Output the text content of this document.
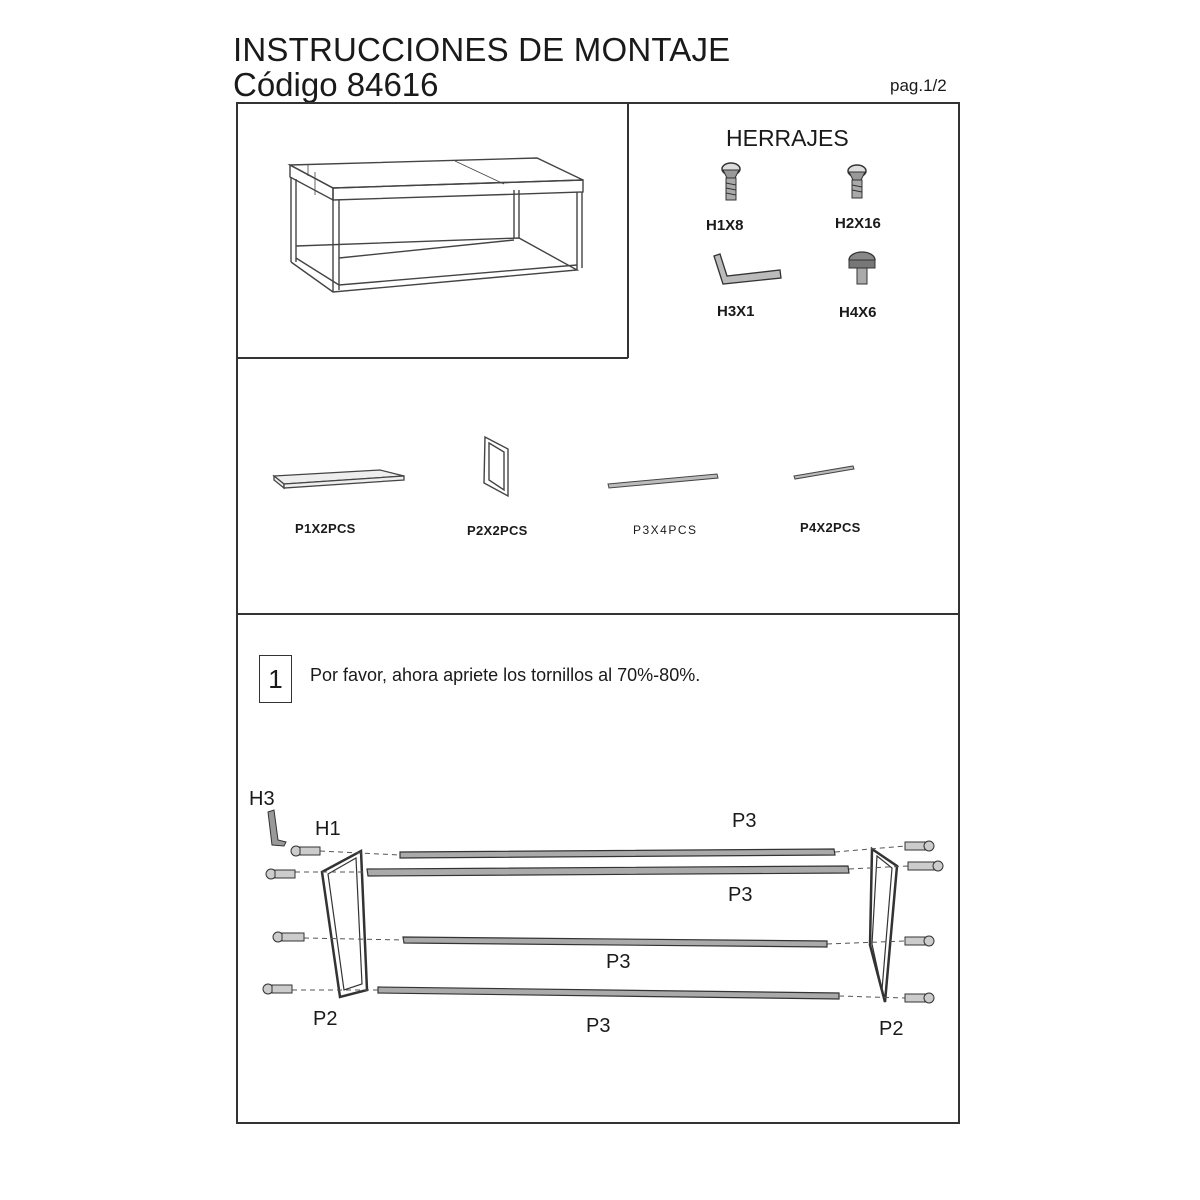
INSTRUCCIONES DE MONTAJE
Código 84616	pag.1/2
HERRAJES
H1X8	H2X16
H3X1	H4X6
P1X2PCS	P2X2PCS	P3X4PCS	P4X2PCS
1	Por favor, ahora apriete los tornillos al 70%-80%.
H3
H1	P3
P3
P3
P3
P2	P2
